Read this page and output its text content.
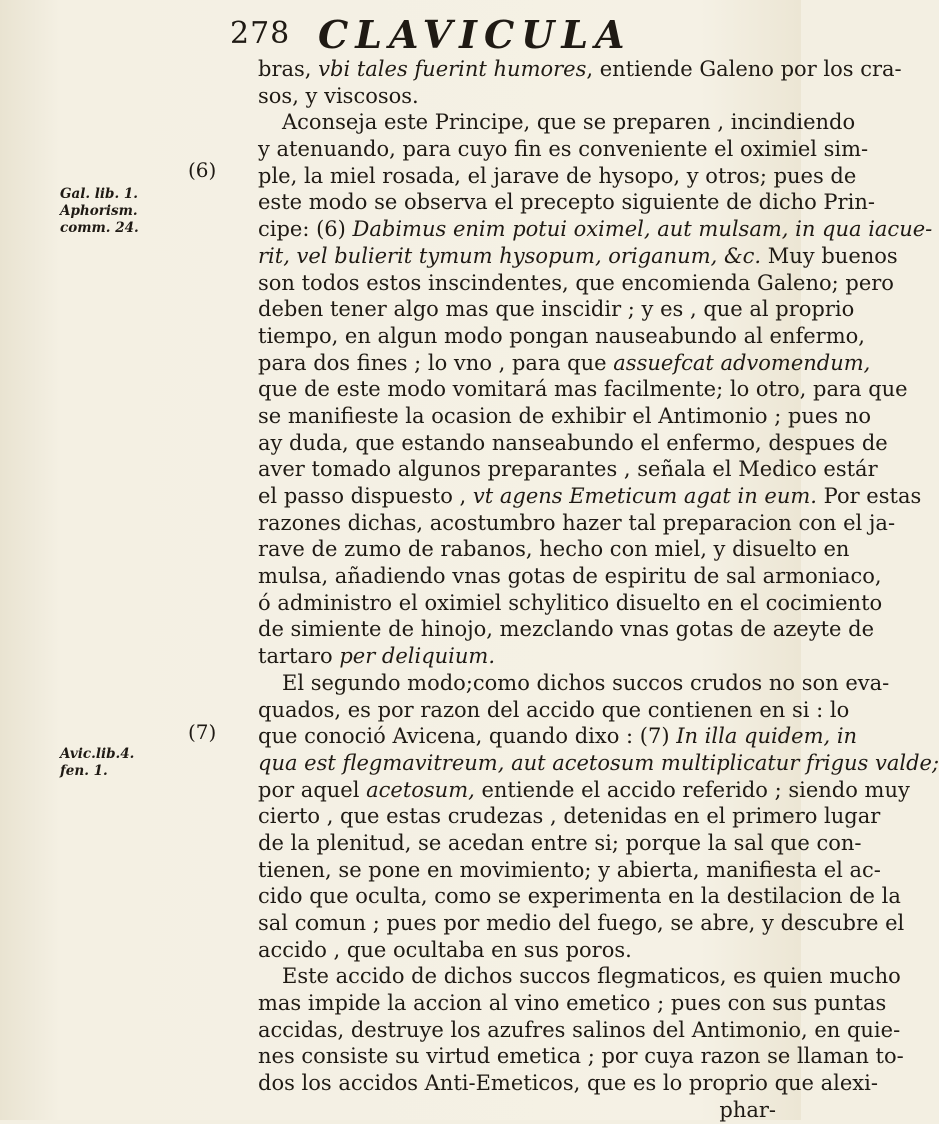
278 CLAVICULA
bras, vbi tales fuerint humores, entiende Galeno por los cra-
sos, y viscosos.
Aconseja este Principe, que se preparen , incindiendo
y atenuando, para cuyo fin es conveniente el oximiel sim-
ple, la miel rosada, el jarave de hysopo, y otros; pues de
este modo se observa el precepto siguiente de dicho Prin-
cipe: (6) Dabimus enim potui oximel, aut mulsam, in qua iacue-
rit, vel bulierit tymum hysopum, origanum, &c. Muy buenos
son todos estos inscindentes, que encomienda Galeno; pero
deben tener algo mas que inscidir ; y es , que al proprio
tiempo, en algun modo pongan nauseabundo al enfermo,
para dos fines ; lo vno , para que assuefcat advomendum,
que de este modo vomitará mas facilmente; lo otro, para que
se manifieste la ocasion de exhibir el Antimonio ; pues no
ay duda, que estando nanseabundo el enfermo, despues de
aver tomado algunos preparantes , señala el Medico estár
el passo dispuesto , vt agens Emeticum agat in eum. Por estas
razones dichas, acostumbro hazer tal preparacion con el ja-
rave de zumo de rabanos, hecho con miel, y disuelto en
mulsa, añadiendo vnas gotas de espiritu de sal armoniaco,
ó administro el oximiel schylitico disuelto en el cocimiento
de simiente de hinojo, mezclando vnas gotas de azeyte de
tartaro per deliquium.
El segundo modo;como dichos succos crudos no son eva-
quados, es por razon del accido que contienen en si : lo
que conoció Avicena, quando dixo : (7) In illa quidem, in
qua est flegmavitreum, aut acetosum multiplicatur frigus valde;
por aquel acetosum, entiende el accido referido ; siendo muy
cierto , que estas crudezas , detenidas en el primero lugar
de la plenitud, se acedan entre si; porque la sal que con-
tienen, se pone en movimiento; y abierta, manifiesta el ac-
cido que oculta, como se experimenta en la destilacion de la
sal comun ; pues por medio del fuego, se abre, y descubre el
accido , que ocultaba en sus poros.
Este accido de dichos succos flegmaticos, es quien mucho
mas impide la accion al vino emetico ; pues con sus puntas
accidas, destruye los azufres salinos del Antimonio, en quie-
nes consiste su virtud emetica ; por cuya razon se llaman to-
dos los accidos Anti-Emeticos, que es lo proprio que alexi-
phar-
(6)
Gal. lib. 1.
Aphorism.
comm. 24.
(7)
Avic.lib.4.
fen. 1.
